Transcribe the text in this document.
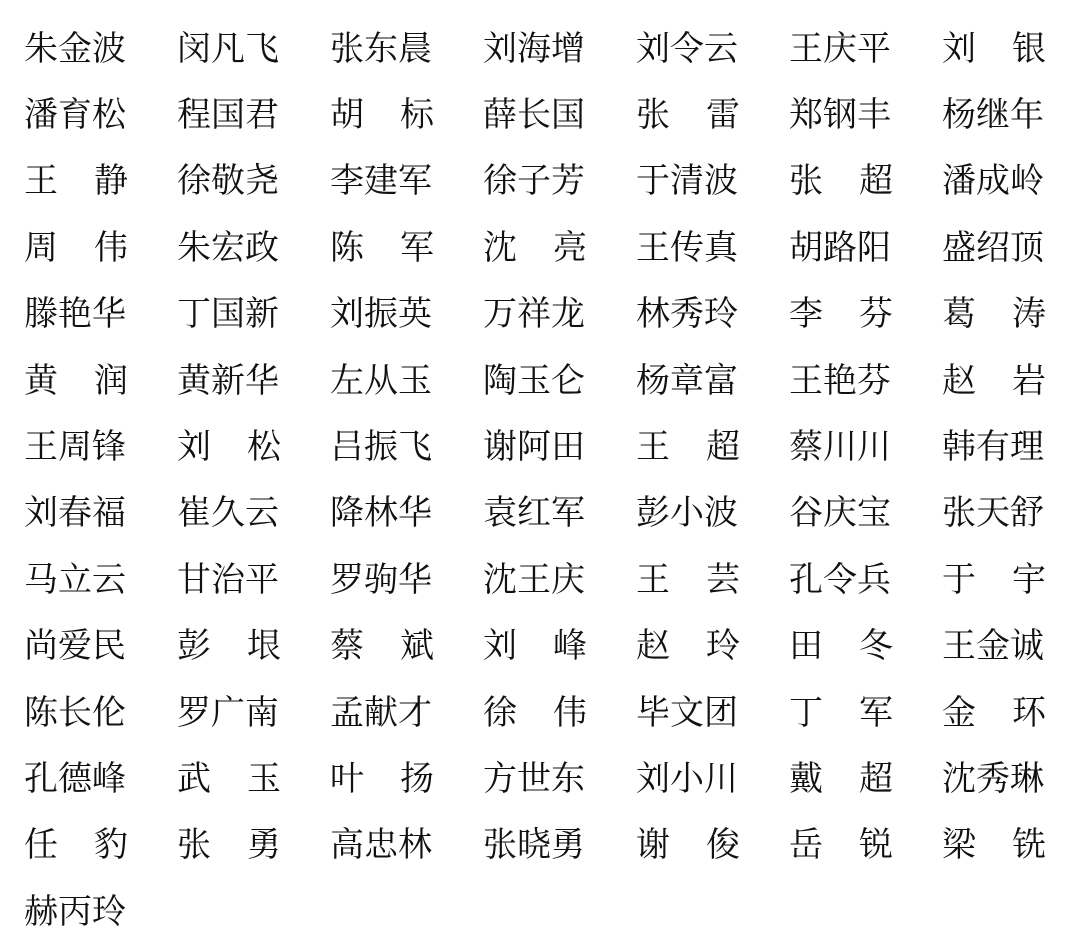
朱金波 闵凡飞 张东晨 刘海增 刘令云 王庆平 刘 银
潘育松 程国君 胡 标 薛长国 张 雷 郑钢丰 杨继年
王 静 徐敬尧 李建军 徐子芳 于清波 张 超 潘成岭
周 伟 朱宏政 陈 军 沈 亮 王传真 胡路阳 盛绍顶
滕艳华 丁国新 刘振英 万祥龙 林秀玲 李 芬 葛 涛
黄 润 黄新华 左从玉 陶玉仑 杨章富 王艳芬 赵 岩
王周锋 刘 松 吕振飞 谢阿田 王 超 蔡川川 韩有理
刘春福 崔久云 降林华 袁红军 彭小波 谷庆宝 张天舒
马立云 甘治平 罗驹华 沈王庆 王 芸 孔令兵 于 宇
尚爱民 彭 垠 蔡 斌 刘 峰 赵 玲 田 冬 王金诚
陈长伦 罗广南 孟献才 徐 伟 毕文团 丁 军 金 环
孔德峰 武 玉 叶 扬 方世东 刘小川 戴 超 沈秀琳
任 豹 张 勇 高忠林 张晓勇 谢 俊 岳 锐 梁 铣
赫丙玲
